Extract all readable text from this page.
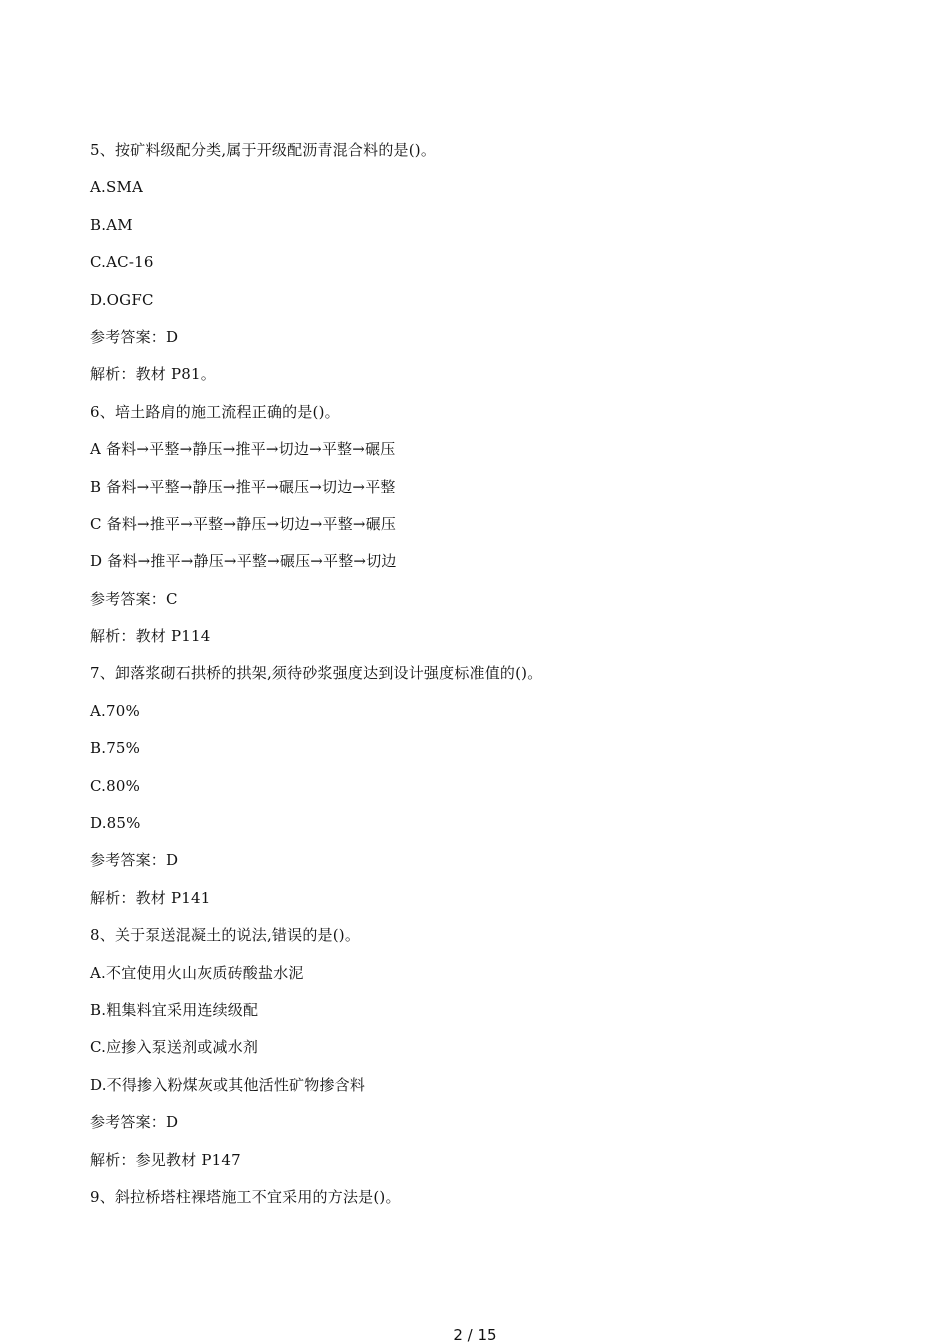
5、按矿料级配分类,属于开级配沥青混合料的是()。
A.SMA
B.AM
C.AC-16
D.OGFC
参考答案：D
解析：教材 P81。
6、培土路肩的施工流程正确的是()。
A 备料→平整→静压→推平→切边→平整→碾压
B 备料→平整→静压→推平→碾压→切边→平整
C 备料→推平→平整→静压→切边→平整→碾压
D 备料→推平→静压→平整→碾压→平整→切边
参考答案：C
解析：教材 P114
7、卸落浆砌石拱桥的拱架,须待砂浆强度达到设计强度标准值的()。
A.70%
B.75%
C.80%
D.85%
参考答案：D
解析：教材 P141
8、关于泵送混凝土的说法,错误的是()。
A.不宜使用火山灰质砖酸盐水泥
B.粗集料宜采用连续级配
C.应掺入泵送剂或减水剂
D.不得掺入粉煤灰或其他活性矿物掺含料
参考答案：D
解析：参见教材 P147
9、斜拉桥塔柱裸塔施工不宜采用的方法是()。
2 / 15
